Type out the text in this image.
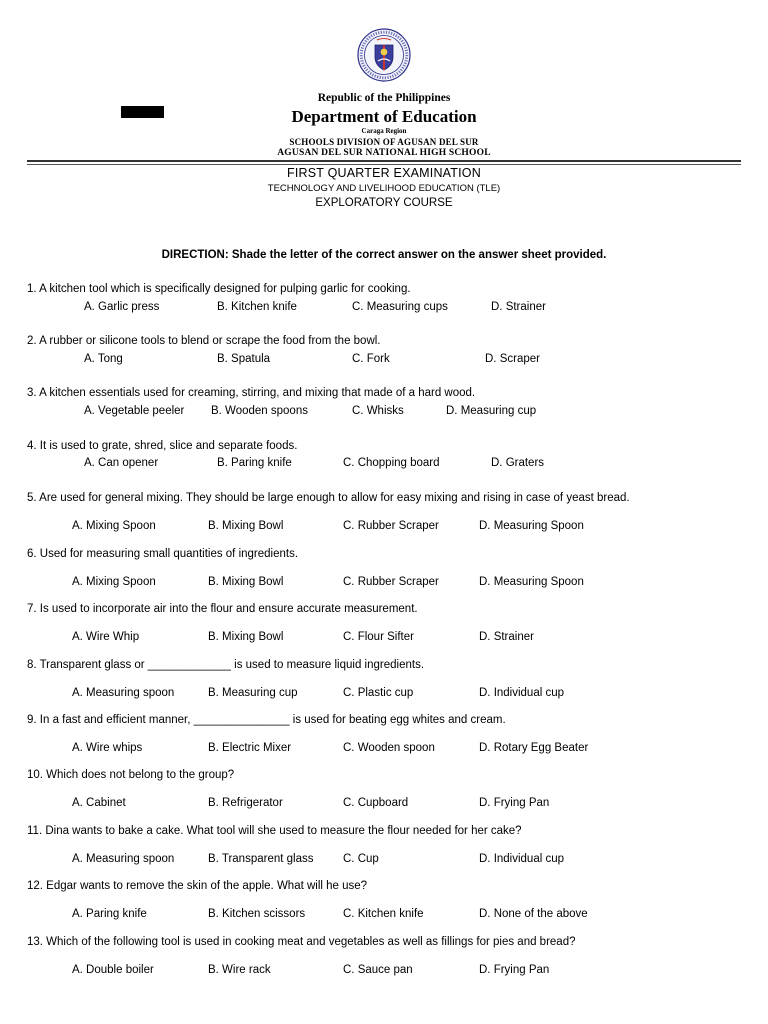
Republic of the Philippines
Department of Education
Caraga Region
SCHOOLS DIVISION OF AGUSAN DEL SUR
AGUSAN DEL SUR NATIONAL HIGH SCHOOL
FIRST QUARTER EXAMINATION
TECHNOLOGY AND LIVELIHOOD EDUCATION (TLE)
EXPLORATORY COURSE
DIRECTION: Shade the letter of the correct answer on the answer sheet provided.
1. A kitchen tool which is specifically designed for pulping garlic for cooking.
A. Garlic press	B. Kitchen knife	C. Measuring cups	D. Strainer
2. A rubber or silicone tools to blend or scrape the food from the bowl.
A. Tong	B. Spatula	C. Fork	D. Scraper
3. A kitchen essentials used for creaming, stirring, and mixing that made of a hard wood.
A. Vegetable peeler B. Wooden spoons	C. Whisks	D. Measuring cup
4. It is used to grate, shred, slice and separate foods.
A. Can opener	B. Paring knife	C. Chopping board	D. Graters
5. Are used for general mixing. They should be large enough to allow for easy mixing and rising in case of yeast bread.
A. Mixing Spoon	B. Mixing Bowl	C. Rubber Scraper	D. Measuring Spoon
6. Used for measuring small quantities of ingredients.
A. Mixing Spoon	B. Mixing Bowl	C. Rubber Scraper	D. Measuring Spoon
7. Is used to incorporate air into the flour and ensure accurate measurement.
A. Wire Whip	B. Mixing Bowl	C. Flour Sifter	D. Strainer
8. Transparent glass or _____________ is used to measure liquid ingredients.
A. Measuring spoon	B. Measuring cup	C. Plastic cup	D. Individual cup
9. In a fast and efficient manner, _______________ is used for beating egg whites and cream.
A. Wire whips	B. Electric Mixer	C. Wooden spoon	D. Rotary Egg Beater
10. Which does not belong to the group?
A. Cabinet	B. Refrigerator	C. Cupboard	D. Frying Pan
11. Dina wants to bake a cake. What tool will she used to measure the flour needed for her cake?
A. Measuring spoon	B. Transparent glass	C. Cup	D. Individual cup
12. Edgar wants to remove the skin of the apple. What will he use?
A. Paring knife	B. Kitchen scissors	C. Kitchen knife	D. None of the above
13. Which of the following tool is used in cooking meat and vegetables as well as fillings for pies and bread?
A. Double boiler	B. Wire rack	C. Sauce pan	D. Frying Pan
